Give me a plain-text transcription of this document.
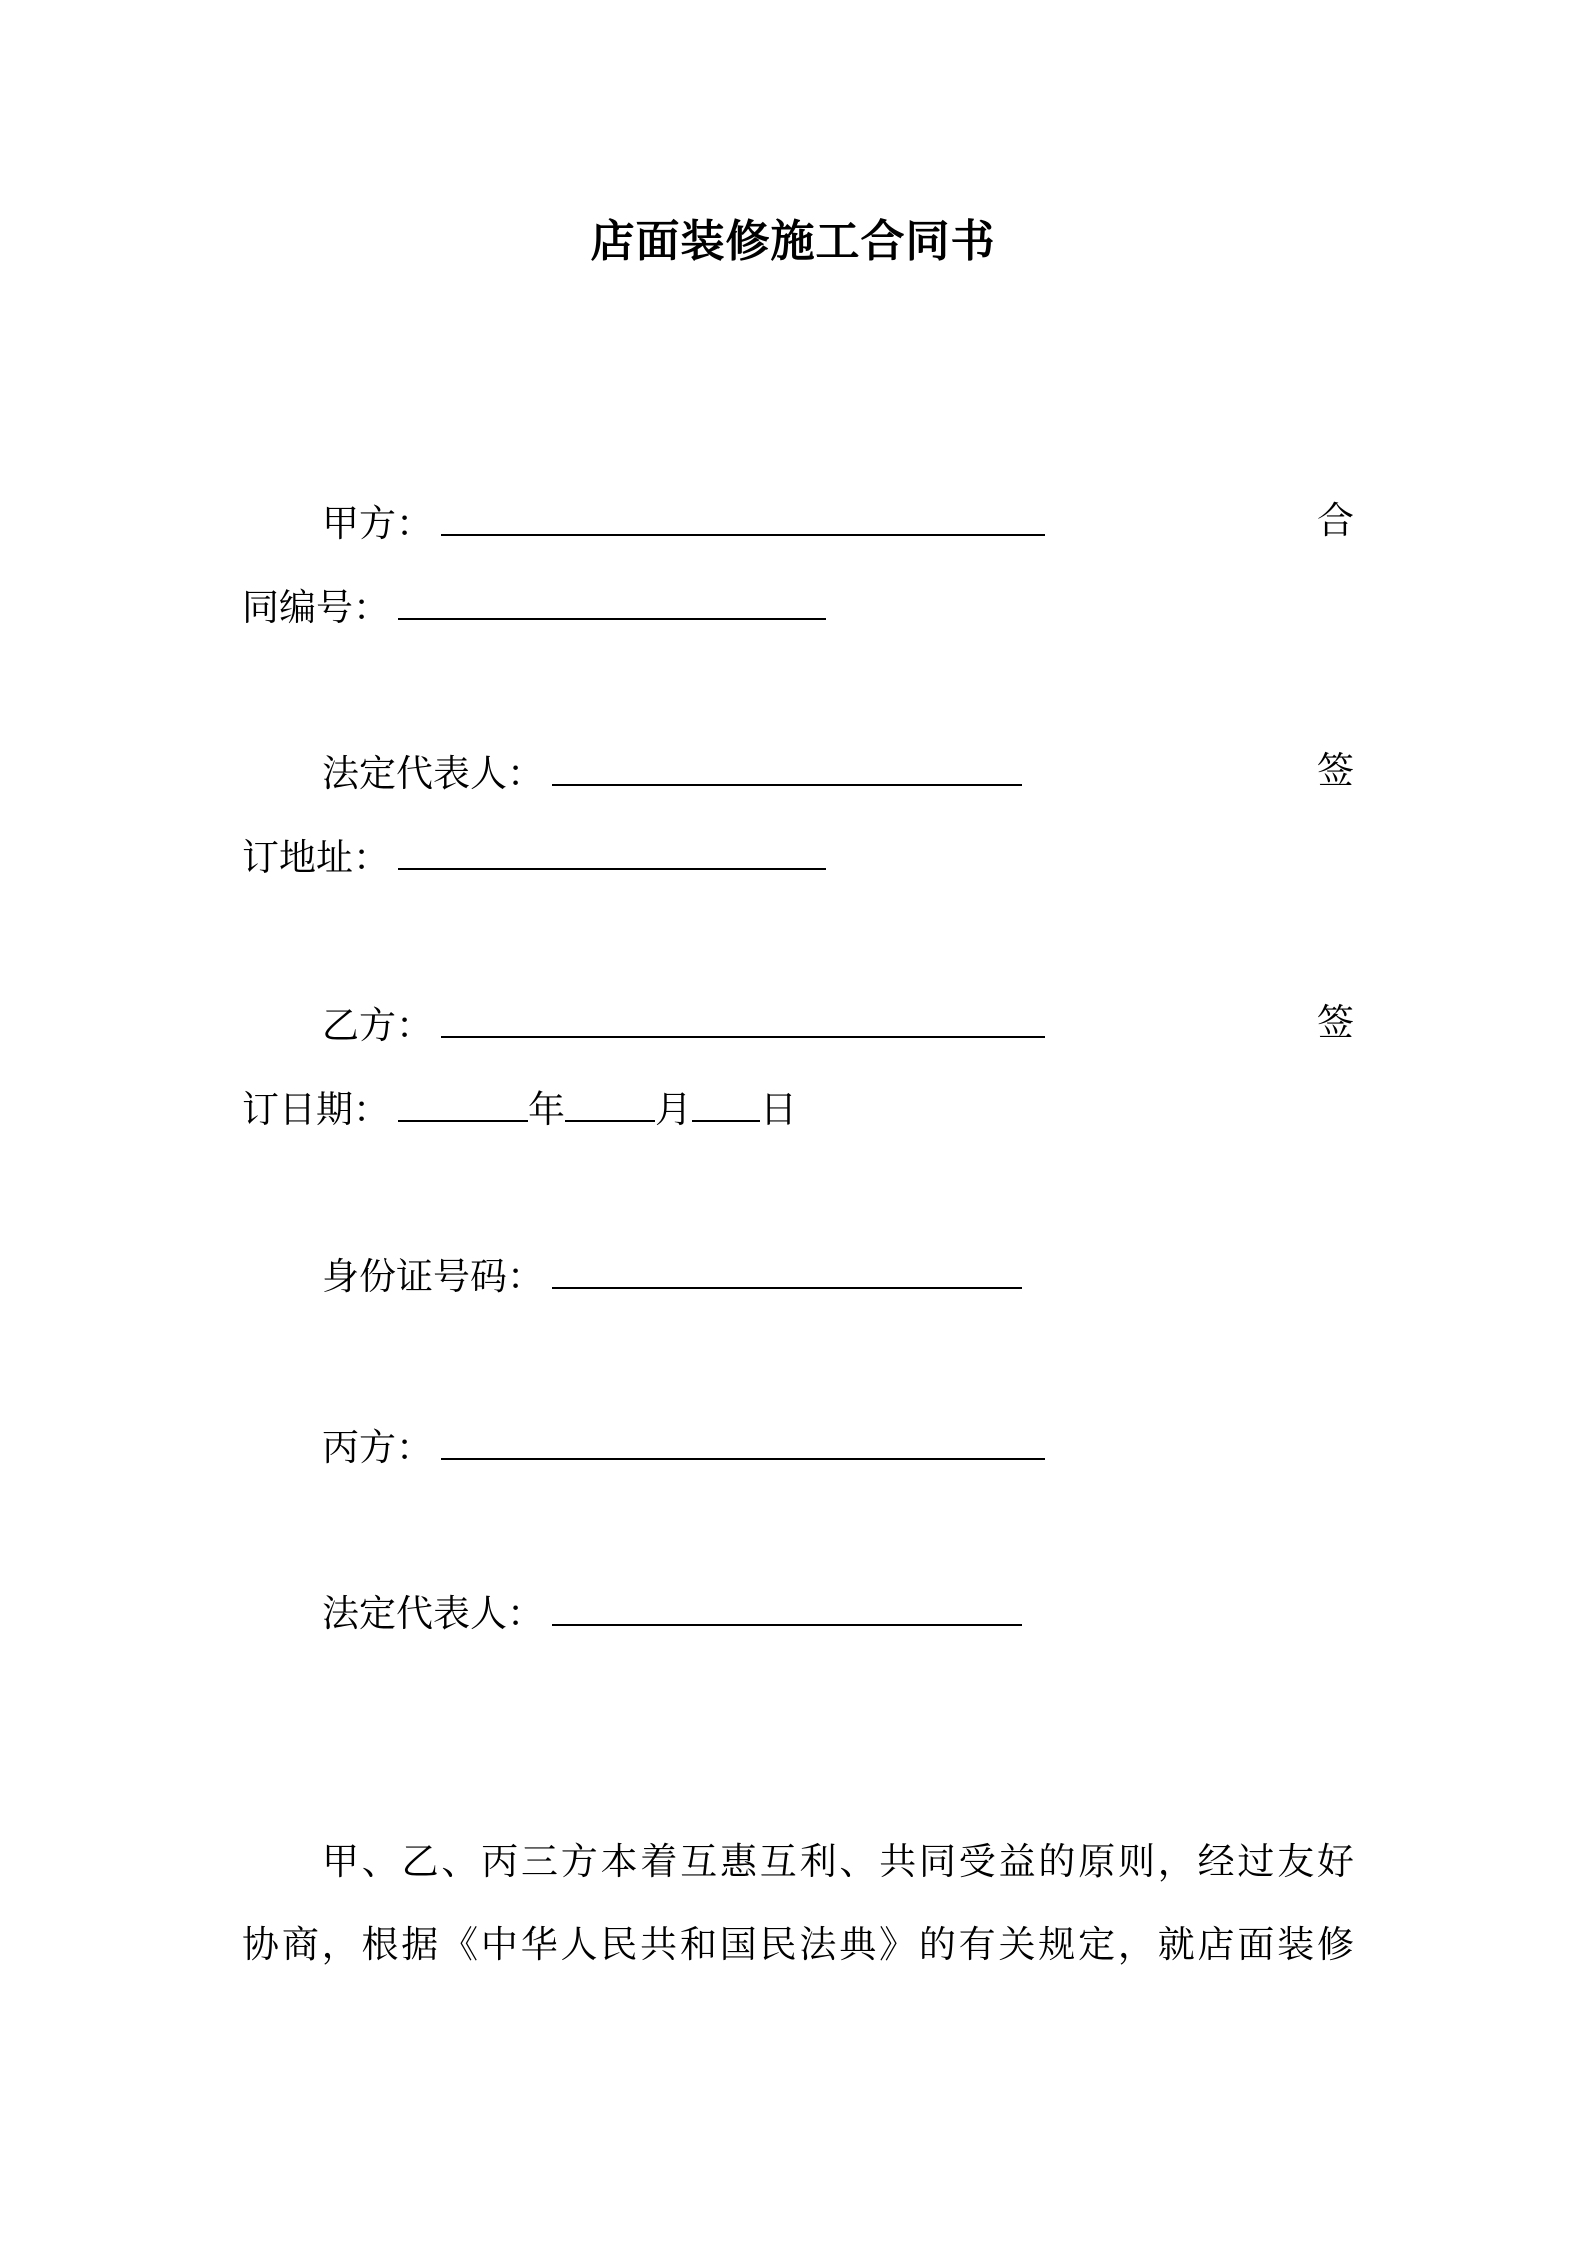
店面装修施工合同书
甲方：	合
同编号：
法定代表人：	签
订地址：
乙方：	签
订日期：	年 月 日
身份证号码：
丙方：
法定代表人：
甲、乙、丙三方本着互惠互利、共同受益的原则，经过友好
协商，根据《中华人民共和国民法典》的有关规定，就店面装修
